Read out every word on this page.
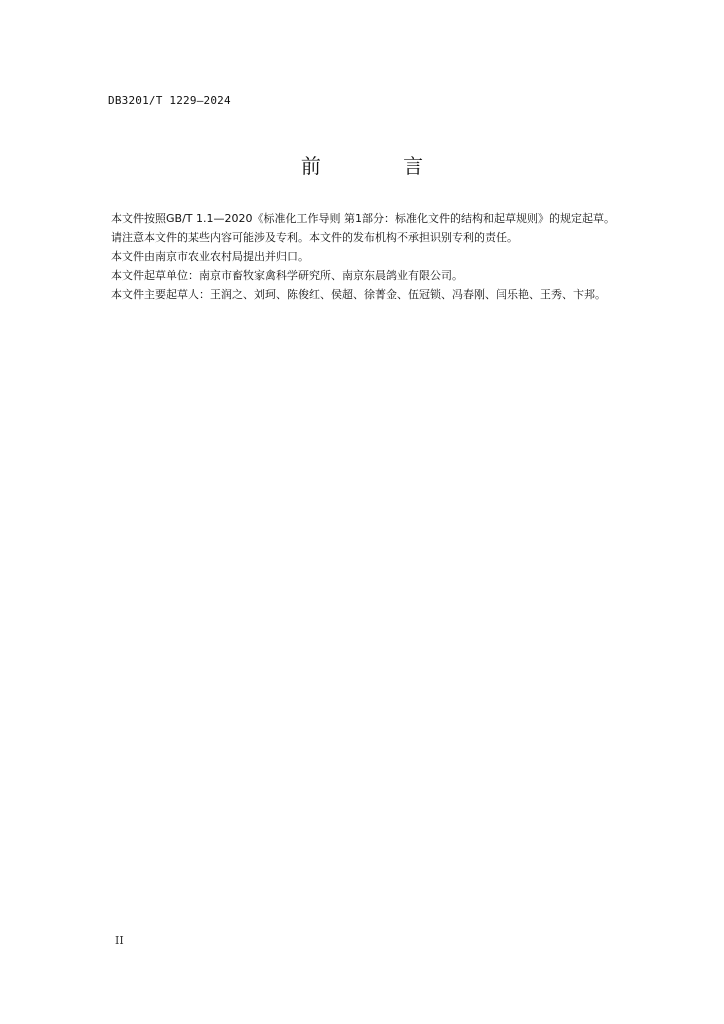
DB3201/T 1229—2024
前 言

本文件按照GB/T 1.1—2020《标准化工作导则 第1部分：标准化文件的结构和起草规则》的规定起草。

请注意本文件的某些内容可能涉及专利。本文件的发布机构不承担识别专利的责任。

本文件由南京市农业农村局提出并归口。

本文件起草单位：南京市畜牧家禽科学研究所、南京东晨鸽业有限公司。

本文件主要起草人：王润之、刘珂、陈俊红、侯超、徐菁金、伍冠锁、冯春刚、闫乐艳、王秀、卞邦。

II
